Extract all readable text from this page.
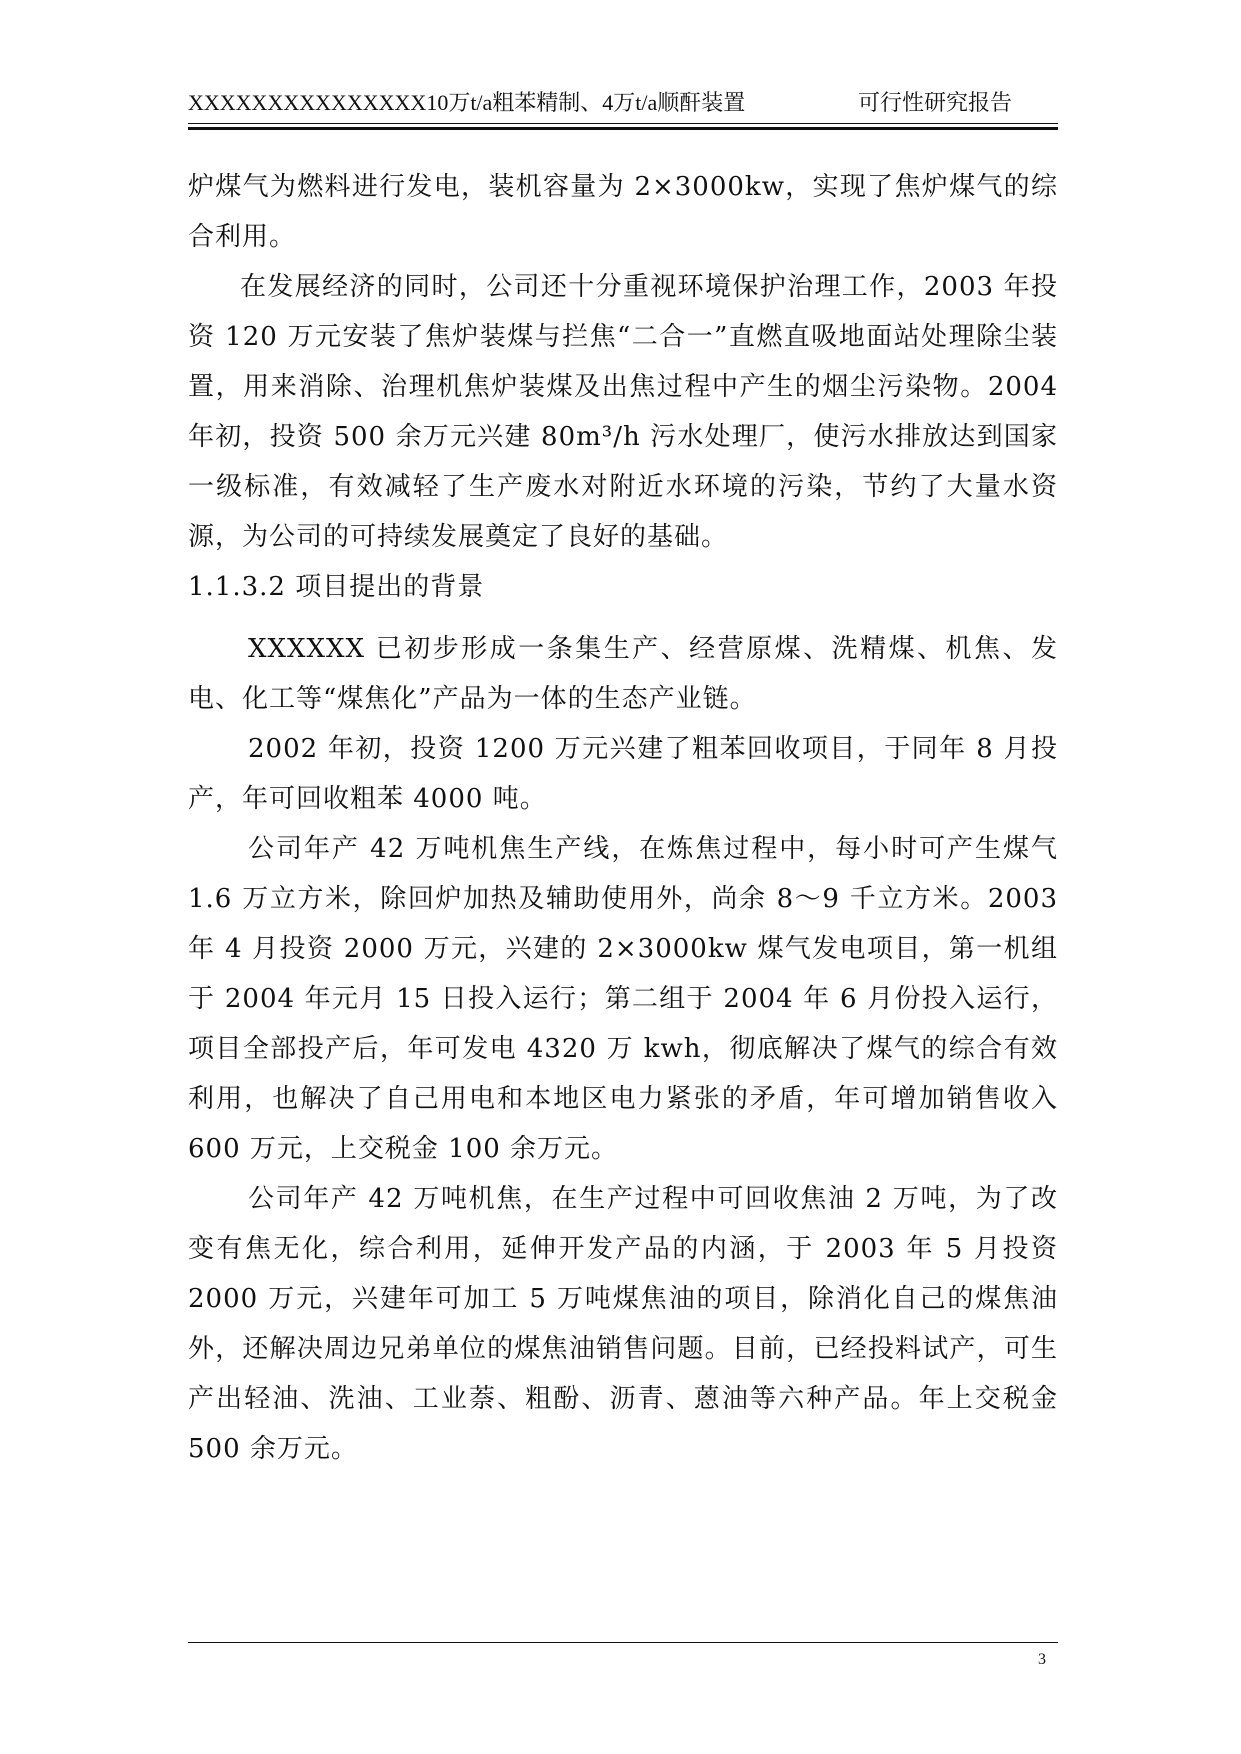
XXXXXXXXXXXXXXX10万t/a粗苯精制、4万t/a顺酐装置	可行性研究报告

炉煤气为燃料进行发电，装机容量为 2×3000kw，实现了焦炉煤气的综合利用。

在发展经济的同时，公司还十分重视环境保护治理工作，2003 年投资 120 万元安装了焦炉装煤与拦焦“二合一”直燃直吸地面站处理除尘装置，用来消除、治理机焦炉装煤及出焦过程中产生的烟尘污染物。2004 年初，投资 500 余万元兴建 80m³/h 污水处理厂，使污水排放达到国家一级标准，有效减轻了生产废水对附近水环境的污染，节约了大量水资源，为公司的可持续发展奠定了良好的基础。

1.1.3.2 项目提出的背景

XXXXXX 已初步形成一条集生产、经营原煤、洗精煤、机焦、发电、化工等“煤焦化”产品为一体的生态产业链。

2002 年初，投资 1200 万元兴建了粗苯回收项目，于同年 8 月投产，年可回收粗苯 4000 吨。

公司年产 42 万吨机焦生产线，在炼焦过程中，每小时可产生煤气 1.6 万立方米，除回炉加热及辅助使用外，尚余 8～9 千立方米。2003 年 4 月投资 2000 万元，兴建的 2×3000kw 煤气发电项目，第一机组于 2004 年元月 15 日投入运行；第二组于 2004 年 6 月份投入运行，项目全部投产后，年可发电 4320 万 kwh，彻底解决了煤气的综合有效利用，也解决了自己用电和本地区电力紧张的矛盾，年可增加销售收入 600 万元，上交税金 100 余万元。

公司年产 42 万吨机焦，在生产过程中可回收焦油 2 万吨，为了改变有焦无化，综合利用，延伸开发产品的内涵，于 2003 年 5 月投资 2000 万元，兴建年可加工 5 万吨煤焦油的项目，除消化自己的煤焦油外，还解决周边兄弟单位的煤焦油销售问题。目前，已经投料试产，可生产出轻油、洗油、工业萘、粗酚、沥青、蒽油等六种产品。年上交税金 500 余万元。

3
